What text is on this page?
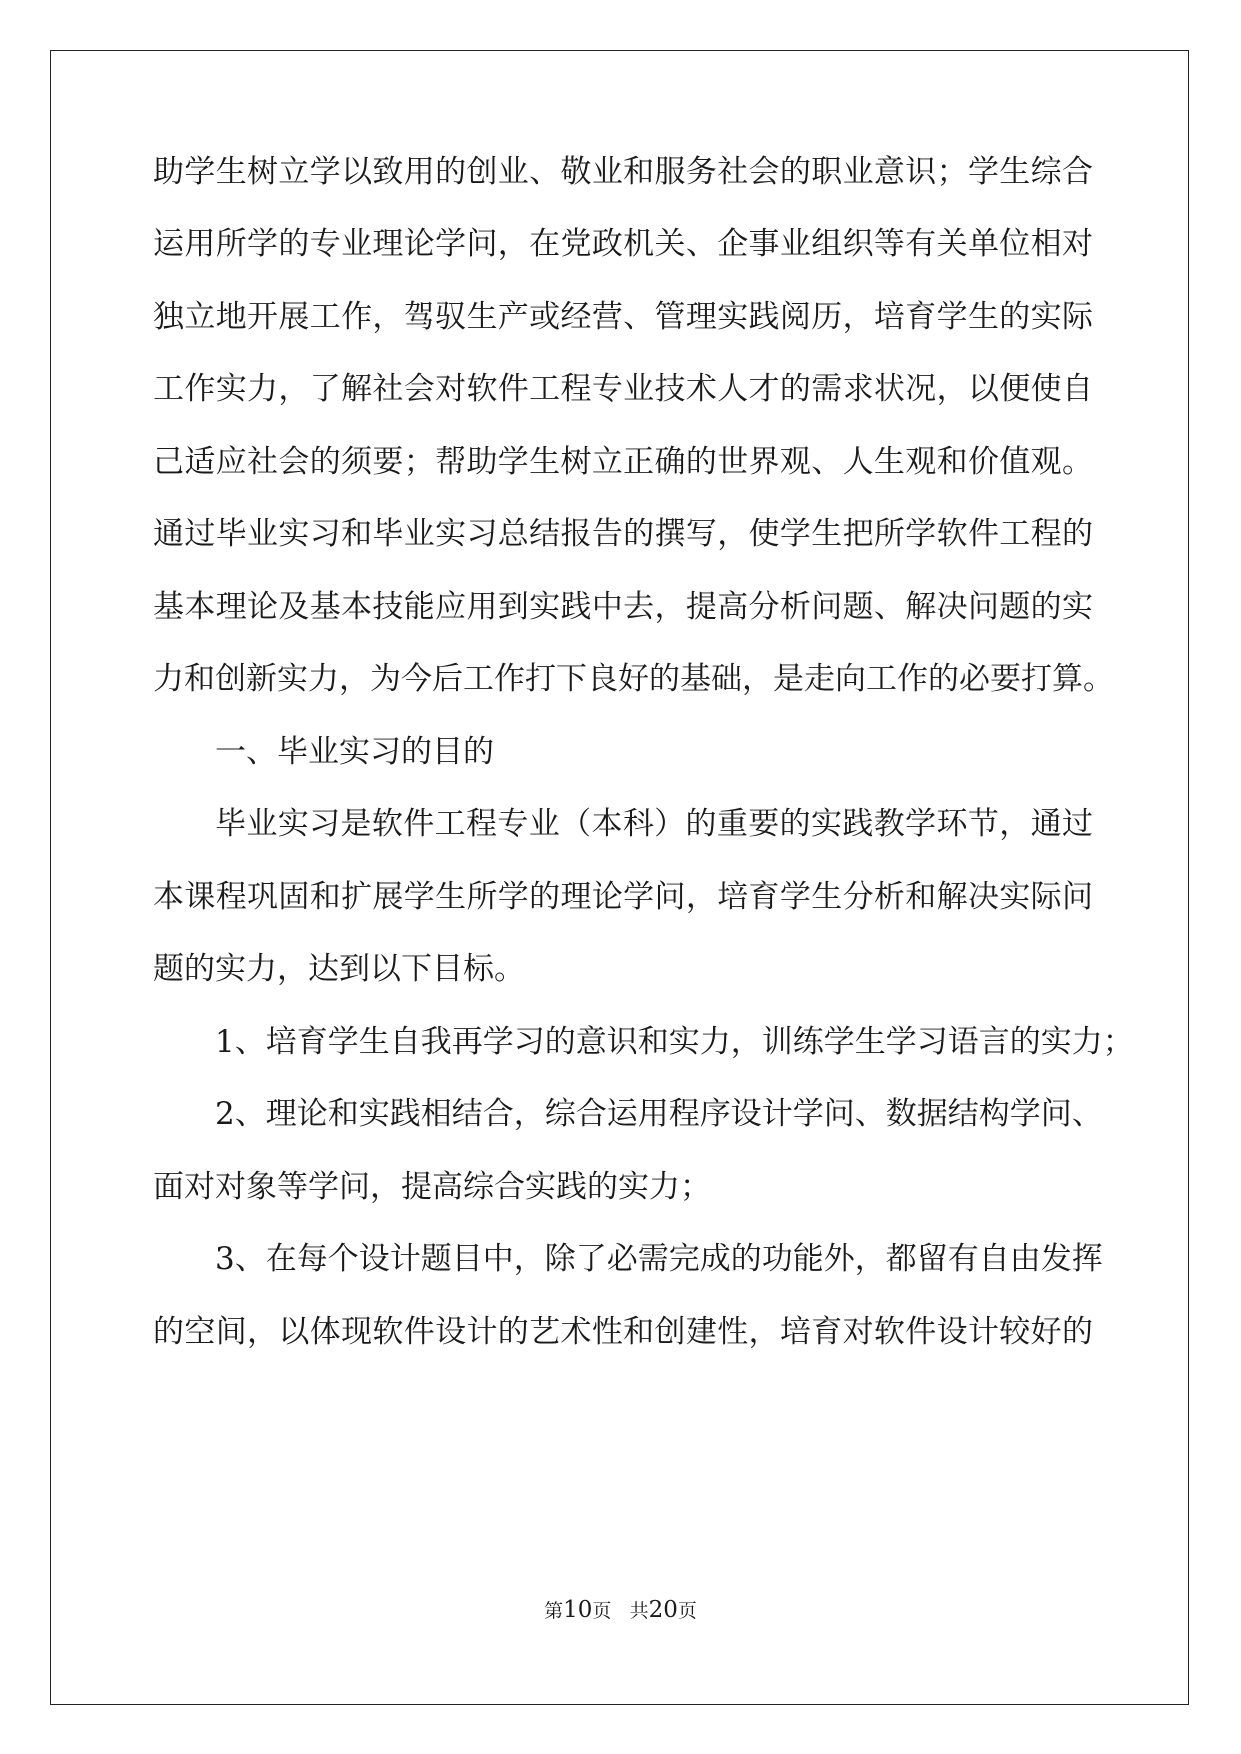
助学生树立学以致用的创业、敬业和服务社会的职业意识；学生综合
运用所学的专业理论学问，在党政机关、企事业组织等有关单位相对
独立地开展工作，驾驭生产或经营、管理实践阅历，培育学生的实际
工作实力，了解社会对软件工程专业技术人才的需求状况，以便使自
己适应社会的须要；帮助学生树立正确的世界观、人生观和价值观。
通过毕业实习和毕业实习总结报告的撰写，使学生把所学软件工程的
基本理论及基本技能应用到实践中去，提高分析问题、解决问题的实
力和创新实力，为今后工作打下良好的基础，是走向工作的必要打算。
一、毕业实习的目的
毕业实习是软件工程专业（本科）的重要的实践教学环节，通过
本课程巩固和扩展学生所学的理论学问，培育学生分析和解决实际问
题的实力，达到以下目标。
1、培育学生自我再学习的意识和实力，训练学生学习语言的实力；
2、理论和实践相结合，综合运用程序设计学问、数据结构学问、
面对对象等学问，提高综合实践的实力；
3、在每个设计题目中，除了必需完成的功能外，都留有自由发挥
的空间，以体现软件设计的艺术性和创建性，培育对软件设计较好的
第10页 共20页
